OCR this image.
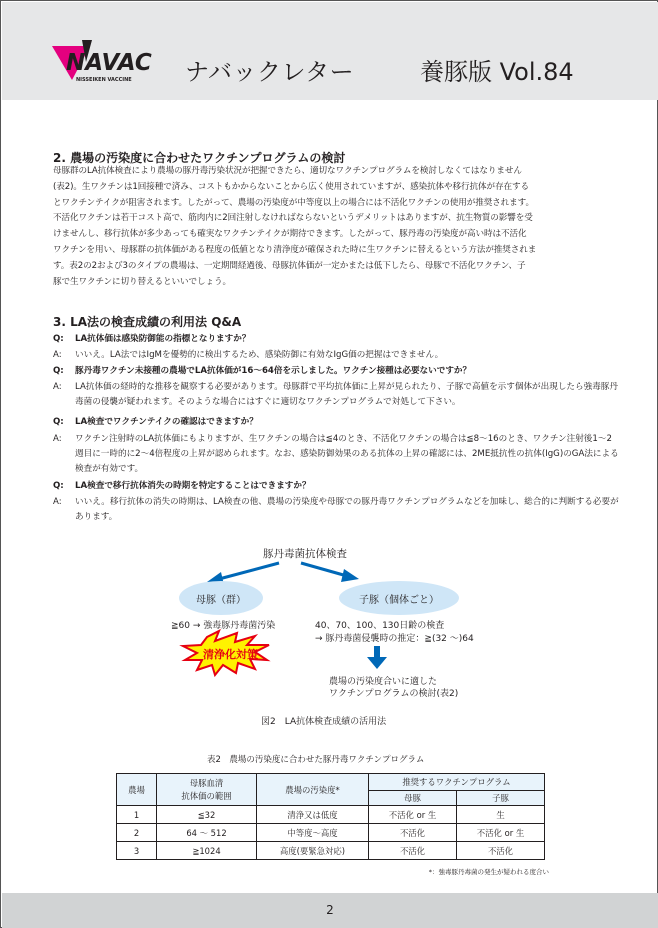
NAVAC
NISSEIKEN VACCINE ナバックレター	養豚版 Vol.84
2. 農場の汚染度に合わせたワクチンプログラムの検討
母豚群のLA抗体検査により農場の豚丹毒汚染状況が把握できたら、適切なワクチンプログラムを検討しなくてはなりません
(表2)。生ワクチンは1回接種で済み、コストもかからないことから広く使用されていますが、感染抗体や移行抗体が存在する
とワクチンテイクが阻害されます。したがって、農場の汚染度が中等度以上の場合には不活化ワクチンの使用が推奨されます。
不活化ワクチンは若干コスト高で、筋肉内に2回注射しなければならないというデメリットはありますが、抗生物質の影響を受
けませんし、移行抗体が多少あっても確実なワクチンテイクが期待できます。したがって、豚丹毒の汚染度が高い時は不活化
ワクチンを用い、母豚群の抗体価がある程度の低値となり清浄度が確保された時に生ワクチンに替えるという方法が推奨されま
す。表2の2および3のタイプの農場は、一定期間経過後、母豚抗体価が一定かまたは低下したら、母豚で不活化ワクチン、子
豚で生ワクチンに切り替えるといいでしょう。
3. LA法の検査成績の利用法 Q&A
Q:	LA抗体価は感染防御能の指標となりますか？
A:	いいえ。LA法ではIgMを優勢的に検出するため、感染防御に有効なIgG価の把握はできません。
Q:	豚丹毒ワクチン未接種の農場でLA抗体価が16～64倍を示しました。ワクチン接種は必要ないですか？
A:	LA抗体価の経時的な推移を観察する必要があります。母豚群で平均抗体価に上昇が見られたり、子豚で高値を示す個体が出現したら強毒豚丹毒菌の侵襲が疑われます。そのような場合にはすぐに適切なワクチンプログラムで対処して下さい。
Q:	LA検査でワクチンテイクの確認はできますか？
A:	ワクチン注射時のLA抗体価にもよりますが、生ワクチンの場合は≦4のとき、不活化ワクチンの場合は≦8～16のとき、ワクチン注射後1～2週目に一時的に2～4倍程度の上昇が認められます。なお、感染防御効果のある抗体の上昇の確認には、2ME抵抗性の抗体(IgG)のGA法による検査が有効です。
Q:	LA検査で移行抗体消失の時期を特定することはできますか？
A:	いいえ。移行抗体の消失の時期は、LA検査の他、農場の汚染度や母豚での豚丹毒ワクチンプログラムなどを加味し、総合的に判断する必要があります。
豚丹毒菌抗体検査
母豚（群）	子豚（個体ごと）
≧60 → 強毒豚丹毒菌汚染	40、70、100、130日齢の検査
→ 豚丹毒菌侵襲時の推定：≧(32 ～)64
清浄化対策
農場の汚染度合いに適した
ワクチンプログラムの検討(表2)
図2　LA抗体検査成績の活用法
表2　農場の汚染度に合わせた豚丹毒ワクチンプログラム
農場	母豚血清
抗体価の範囲	農場の汚染度*	推奨するワクチンプログラム	
			母豚	子豚
1	≦32	清浄又は低度	不活化 or 生	生
2	64 ～ 512	中等度～高度	不活化	不活化 or 生
3	≧1024	高度(要緊急対応)	不活化	不活化
*：強毒豚丹毒菌の発生が疑われる度合い
2
